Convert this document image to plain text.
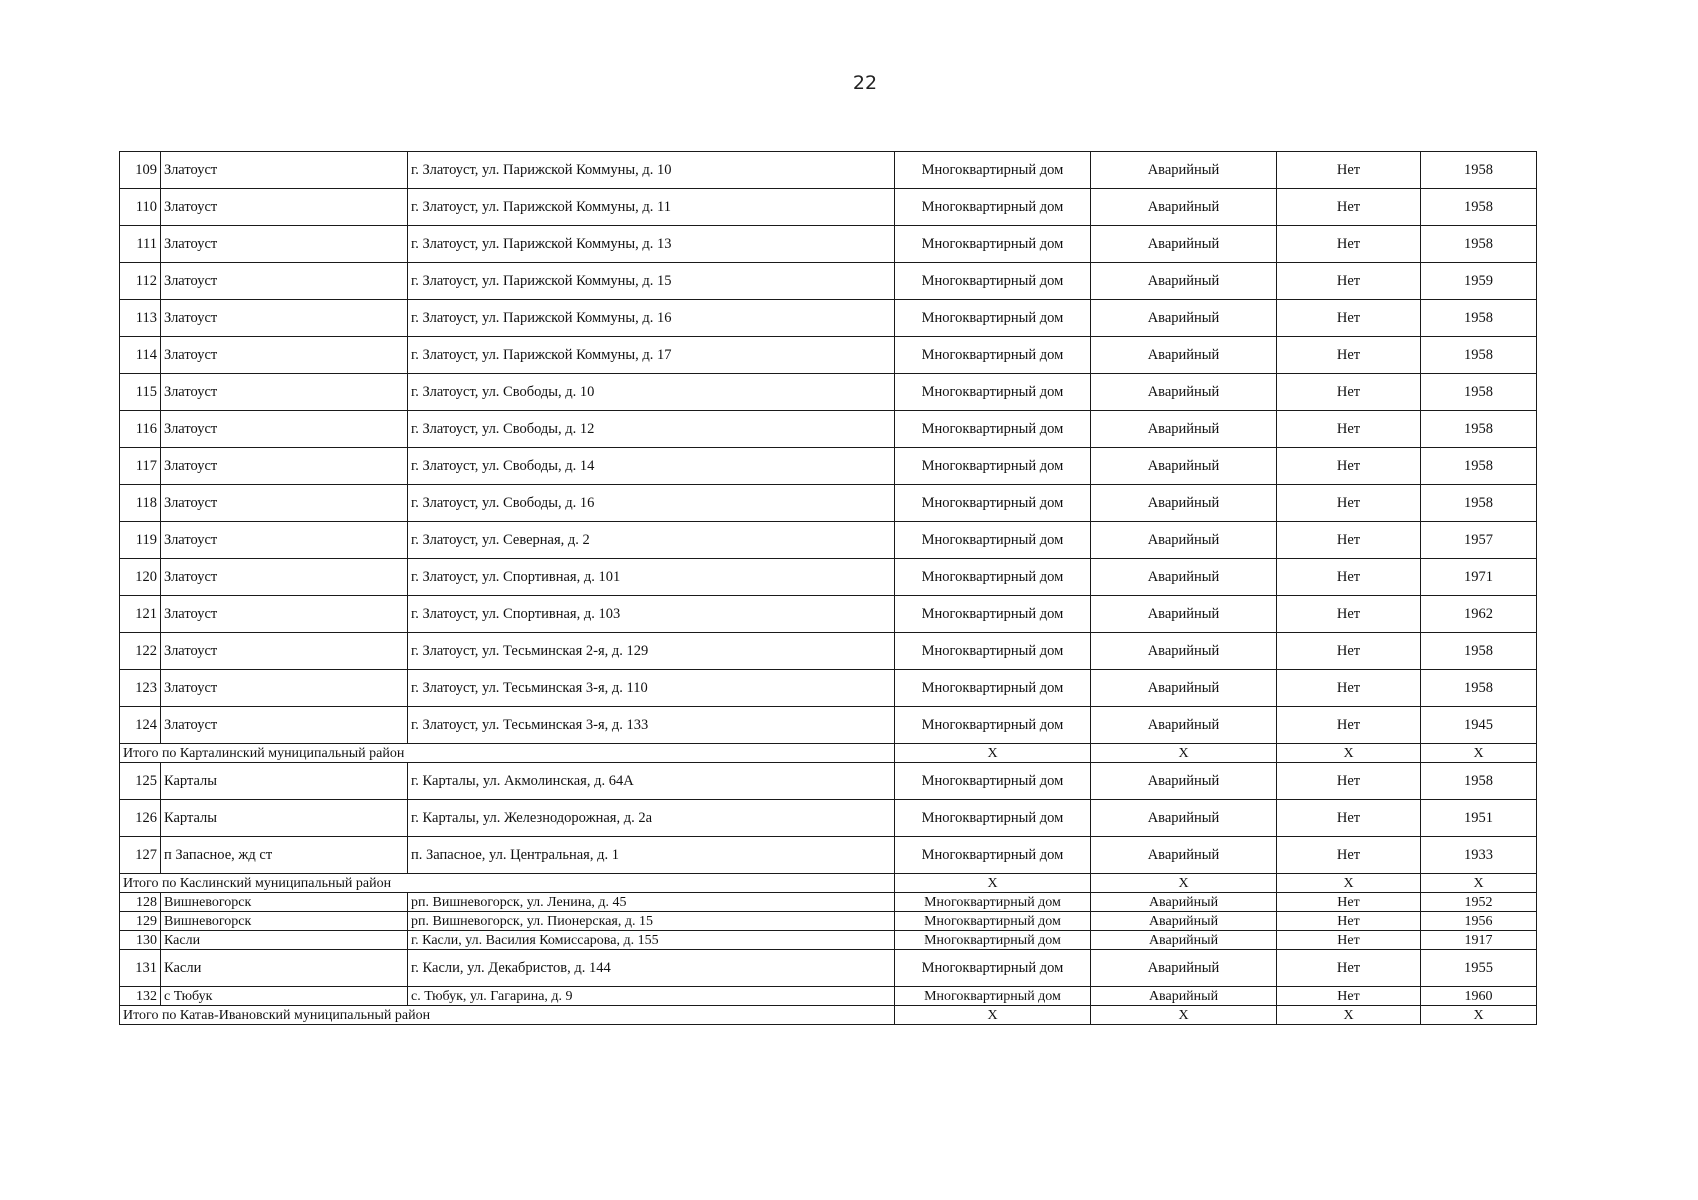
22
109	Златоуст	г. Златоуст, ул. Парижской Коммуны, д. 10	Многоквартирный дом	Аварийный	Нет	1958
110	Златоуст	г. Златоуст, ул. Парижской Коммуны, д. 11	Многоквартирный дом	Аварийный	Нет	1958
111	Златоуст	г. Златоуст, ул. Парижской Коммуны, д. 13	Многоквартирный дом	Аварийный	Нет	1958
112	Златоуст	г. Златоуст, ул. Парижской Коммуны, д. 15	Многоквартирный дом	Аварийный	Нет	1959
113	Златоуст	г. Златоуст, ул. Парижской Коммуны, д. 16	Многоквартирный дом	Аварийный	Нет	1958
114	Златоуст	г. Златоуст, ул. Парижской Коммуны, д. 17	Многоквартирный дом	Аварийный	Нет	1958
115	Златоуст	г. Златоуст, ул. Свободы, д. 10	Многоквартирный дом	Аварийный	Нет	1958
116	Златоуст	г. Златоуст, ул. Свободы, д. 12	Многоквартирный дом	Аварийный	Нет	1958
117	Златоуст	г. Златоуст, ул. Свободы, д. 14	Многоквартирный дом	Аварийный	Нет	1958
118	Златоуст	г. Златоуст, ул. Свободы, д. 16	Многоквартирный дом	Аварийный	Нет	1958
119	Златоуст	г. Златоуст, ул. Северная, д. 2	Многоквартирный дом	Аварийный	Нет	1957
120	Златоуст	г. Златоуст, ул. Спортивная, д. 101	Многоквартирный дом	Аварийный	Нет	1971
121	Златоуст	г. Златоуст, ул. Спортивная, д. 103	Многоквартирный дом	Аварийный	Нет	1962
122	Златоуст	г. Златоуст, ул. Тесьминская 2-я, д. 129	Многоквартирный дом	Аварийный	Нет	1958
123	Златоуст	г. Златоуст, ул. Тесьминская 3-я, д. 110	Многоквартирный дом	Аварийный	Нет	1958
124	Златоуст	г. Златоуст, ул. Тесьминская 3-я, д. 133	Многоквартирный дом	Аварийный	Нет	1945
Итого по Карталинский муниципальный район			X	X	X	X
125	Карталы	г. Карталы, ул. Акмолинская, д. 64А	Многоквартирный дом	Аварийный	Нет	1958
126	Карталы	г. Карталы, ул. Железнодорожная, д. 2а	Многоквартирный дом	Аварийный	Нет	1951
127	п Запасное, жд ст	п. Запасное, ул. Центральная, д. 1	Многоквартирный дом	Аварийный	Нет	1933
Итого по Каслинский муниципальный район			X	X	X	X
128	Вишневогорск	рп. Вишневогорск, ул. Ленина, д. 45	Многоквартирный дом	Аварийный	Нет	1952
129	Вишневогорск	рп. Вишневогорск, ул. Пионерская, д. 15	Многоквартирный дом	Аварийный	Нет	1956
130	Касли	г. Касли, ул. Василия Комиссарова, д. 155	Многоквартирный дом	Аварийный	Нет	1917
131	Касли	г. Касли, ул. Декабристов, д. 144	Многоквартирный дом	Аварийный	Нет	1955
132	с Тюбук	с. Тюбук, ул. Гагарина, д. 9	Многоквартирный дом	Аварийный	Нет	1960
Итого по Катав-Ивановский муниципальный район			X	X	X	X
